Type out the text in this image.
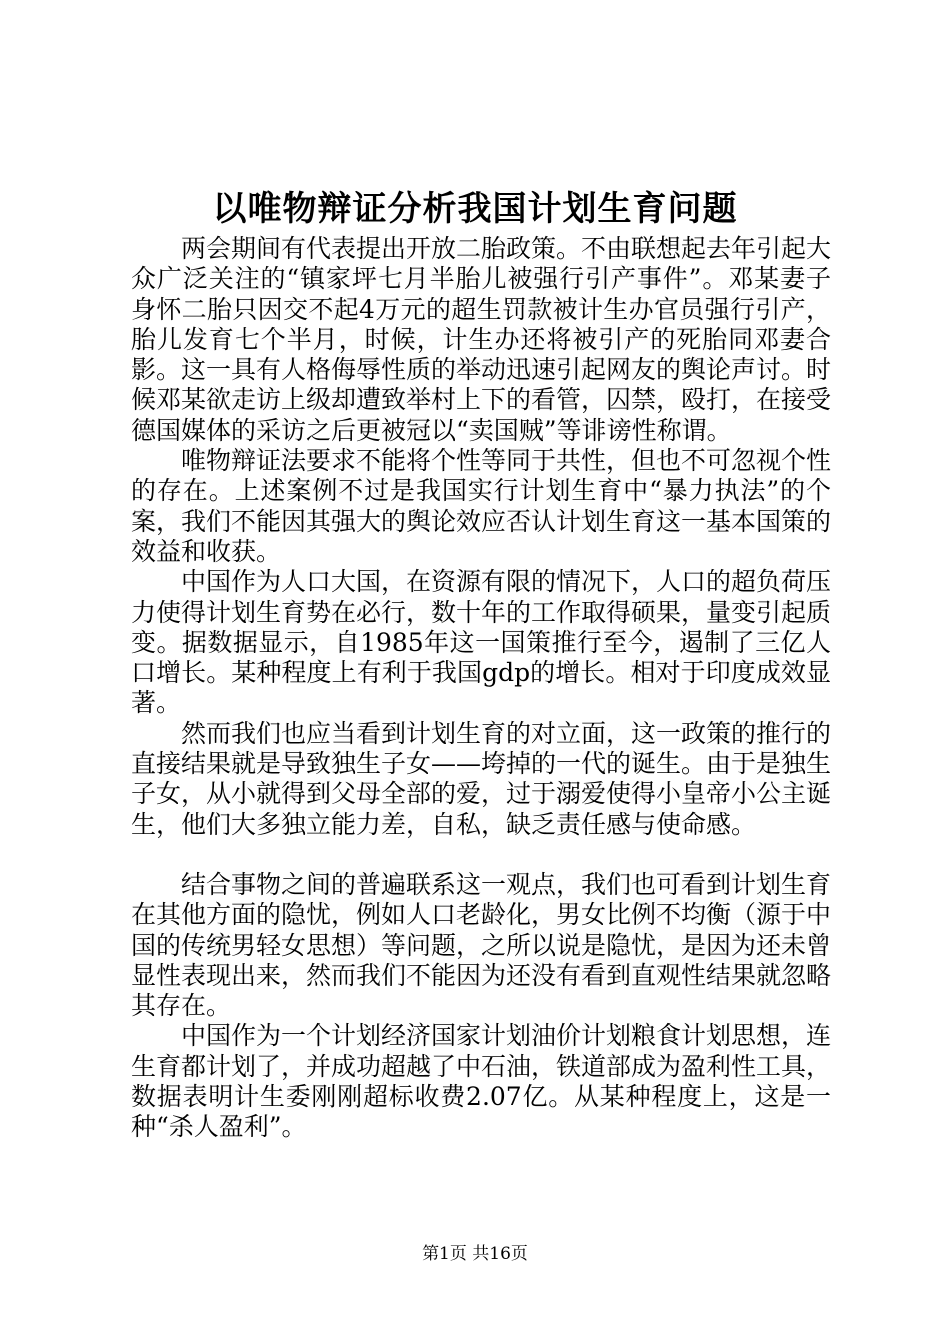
以唯物辩证分析我国计划生育问题

两会期间有代表提出开放二胎政策。不由联想起去年引起大众广泛关注的“镇家坪七月半胎儿被强行引产事件”。邓某妻子身怀二胎只因交不起4万元的超生罚款被计生办官员强行引产，胎儿发育七个半月，时候，计生办还将被引产的死胎同邓妻合影。这一具有人格侮辱性质的举动迅速引起网友的舆论声讨。时候邓某欲走访上级却遭致举村上下的看管，囚禁，殴打，在接受德国媒体的采访之后更被冠以“卖国贼”等诽谤性称谓。

唯物辩证法要求不能将个性等同于共性，但也不可忽视个性的存在。上述案例不过是我国实行计划生育中“暴力执法”的个案，我们不能因其强大的舆论效应否认计划生育这一基本国策的效益和收获。

中国作为人口大国，在资源有限的情况下，人口的超负荷压力使得计划生育势在必行，数十年的工作取得硕果，量变引起质变。据数据显示，自1985年这一国策推行至今，遏制了三亿人口增长。某种程度上有利于我国gdp的增长。相对于印度成效显著。

然而我们也应当看到计划生育的对立面，这一政策的推行的直接结果就是导致独生子女——垮掉的一代的诞生。由于是独生子女，从小就得到父母全部的爱，过于溺爱使得小皇帝小公主诞生，他们大多独立能力差，自私，缺乏责任感与使命感。

结合事物之间的普遍联系这一观点，我们也可看到计划生育在其他方面的隐忧，例如人口老龄化，男女比例不均衡（源于中国的传统男轻女思想）等问题，之所以说是隐忧，是因为还未曾显性表现出来，然而我们不能因为还没有看到直观性结果就忽略其存在。

中国作为一个计划经济国家计划油价计划粮食计划思想，连生育都计划了，并成功超越了中石油，铁道部成为盈利性工具，数据表明计生委刚刚超标收费2.07亿。从某种程度上，这是一种“杀人盈利”。

第1页 共16页
